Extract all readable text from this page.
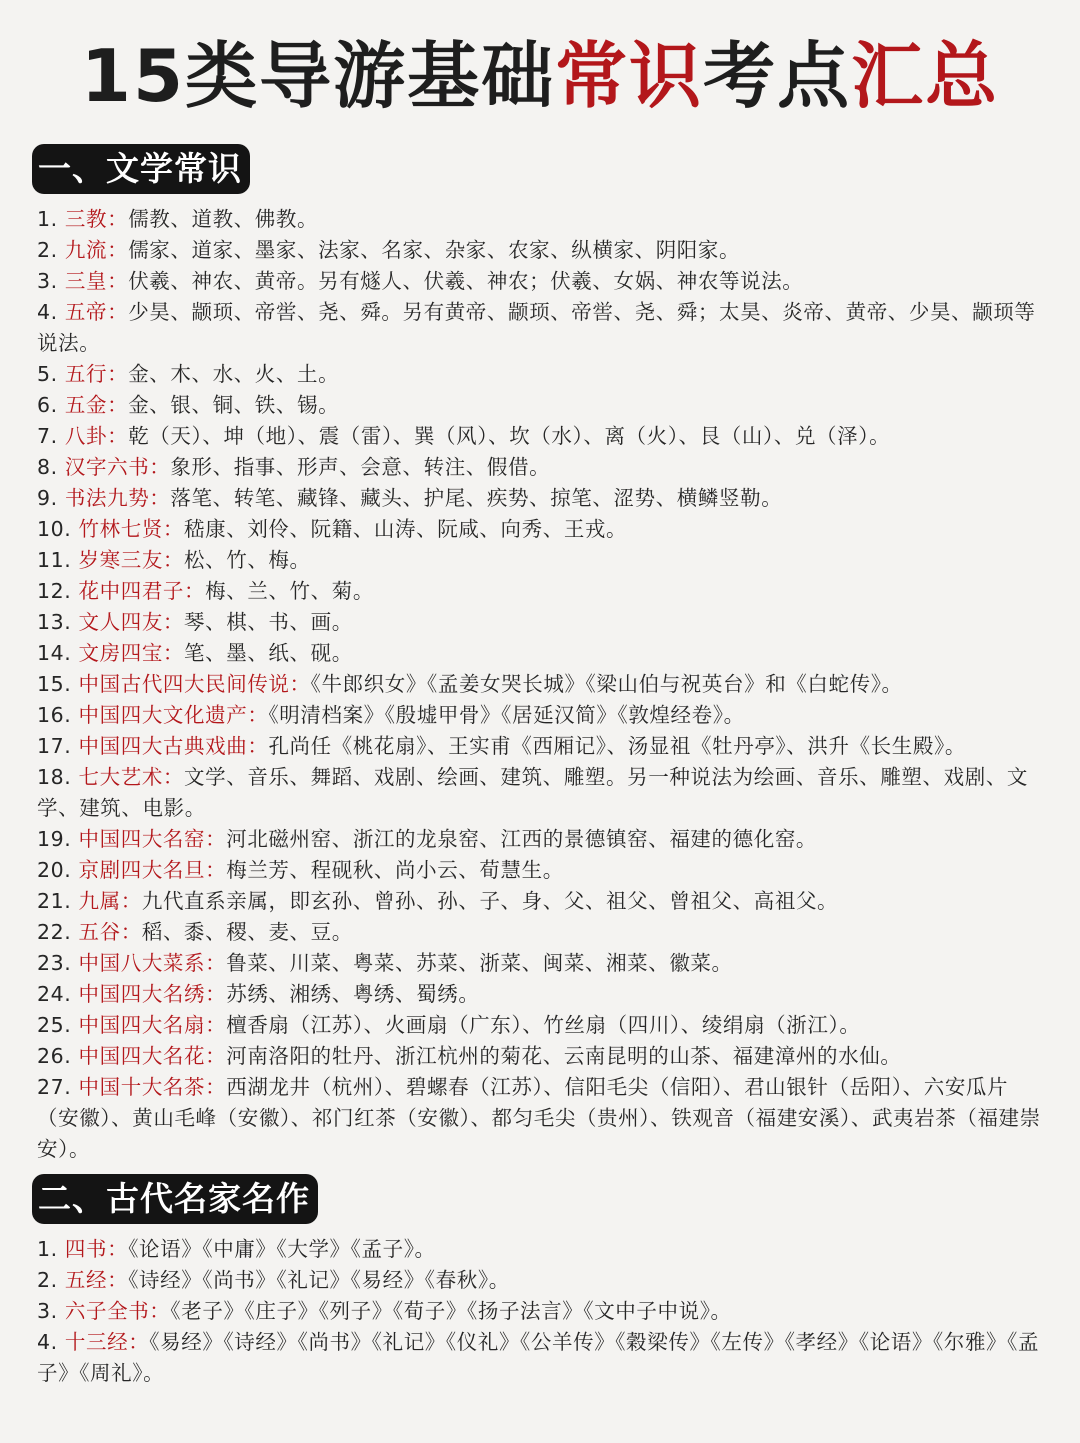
15类导游基础常识考点汇总
一、文学常识
1. 三教：儒教、道教、佛教。
2. 九流：儒家、道家、墨家、法家、名家、杂家、农家、纵横家、阴阳家。
3. 三皇：伏羲、神农、黄帝。另有燧人、伏羲、神农；伏羲、女娲、神农等说法。
4. 五帝：少昊、颛顼、帝喾、尧、舜。另有黄帝、颛顼、帝喾、尧、舜；太昊、炎帝、黄帝、少昊、颛顼等说法。
5. 五行：金、木、水、火、土。
6. 五金：金、银、铜、铁、锡。
7. 八卦：乾（天）、坤（地）、震（雷）、巽（风）、坎（水）、离（火）、艮（山）、兑（泽）。
8. 汉字六书：象形、指事、形声、会意、转注、假借。
9. 书法九势：落笔、转笔、藏锋、藏头、护尾、疾势、掠笔、涩势、横鳞竖勒。
10. 竹林七贤：嵇康、刘伶、阮籍、山涛、阮咸、向秀、王戎。
11. 岁寒三友：松、竹、梅。
12. 花中四君子：梅、兰、竹、菊。
13. 文人四友：琴、棋、书、画。
14. 文房四宝：笔、墨、纸、砚。
15. 中国古代四大民间传说：《牛郎织女》《孟姜女哭长城》《梁山伯与祝英台》和《白蛇传》。
16. 中国四大文化遗产：《明清档案》《殷墟甲骨》《居延汉简》《敦煌经卷》。
17. 中国四大古典戏曲：孔尚任《桃花扇》、王实甫《西厢记》、汤显祖《牡丹亭》、洪升《长生殿》。
18. 七大艺术：文学、音乐、舞蹈、戏剧、绘画、建筑、雕塑。另一种说法为绘画、音乐、雕塑、戏剧、文学、建筑、电影。
19. 中国四大名窑：河北磁州窑、浙江的龙泉窑、江西的景德镇窑、福建的德化窑。
20. 京剧四大名旦：梅兰芳、程砚秋、尚小云、荀慧生。
21. 九属：九代直系亲属，即玄孙、曾孙、孙、子、身、父、祖父、曾祖父、高祖父。
22. 五谷：稻、黍、稷、麦、豆。
23. 中国八大菜系：鲁菜、川菜、粤菜、苏菜、浙菜、闽菜、湘菜、徽菜。
24. 中国四大名绣：苏绣、湘绣、粤绣、蜀绣。
25. 中国四大名扇：檀香扇（江苏）、火画扇（广东）、竹丝扇（四川）、绫绢扇（浙江）。
26. 中国四大名花：河南洛阳的牡丹、浙江杭州的菊花、云南昆明的山茶、福建漳州的水仙。
27. 中国十大名茶：西湖龙井（杭州）、碧螺春（江苏）、信阳毛尖（信阳）、君山银针（岳阳）、六安瓜片（安徽）、黄山毛峰（安徽）、祁门红茶（安徽）、都匀毛尖（贵州）、铁观音（福建安溪）、武夷岩茶（福建崇安）。
二、古代名家名作
1. 四书：《论语》《中庸》《大学》《孟子》。
2. 五经：《诗经》《尚书》《礼记》《易经》《春秋》。
3. 六子全书：《老子》《庄子》《列子》《荀子》《扬子法言》《文中子中说》。
4. 十三经：《易经》《诗经》《尚书》《礼记》《仪礼》《公羊传》《穀梁传》《左传》《孝经》《论语》《尔雅》《孟子》《周礼》。
